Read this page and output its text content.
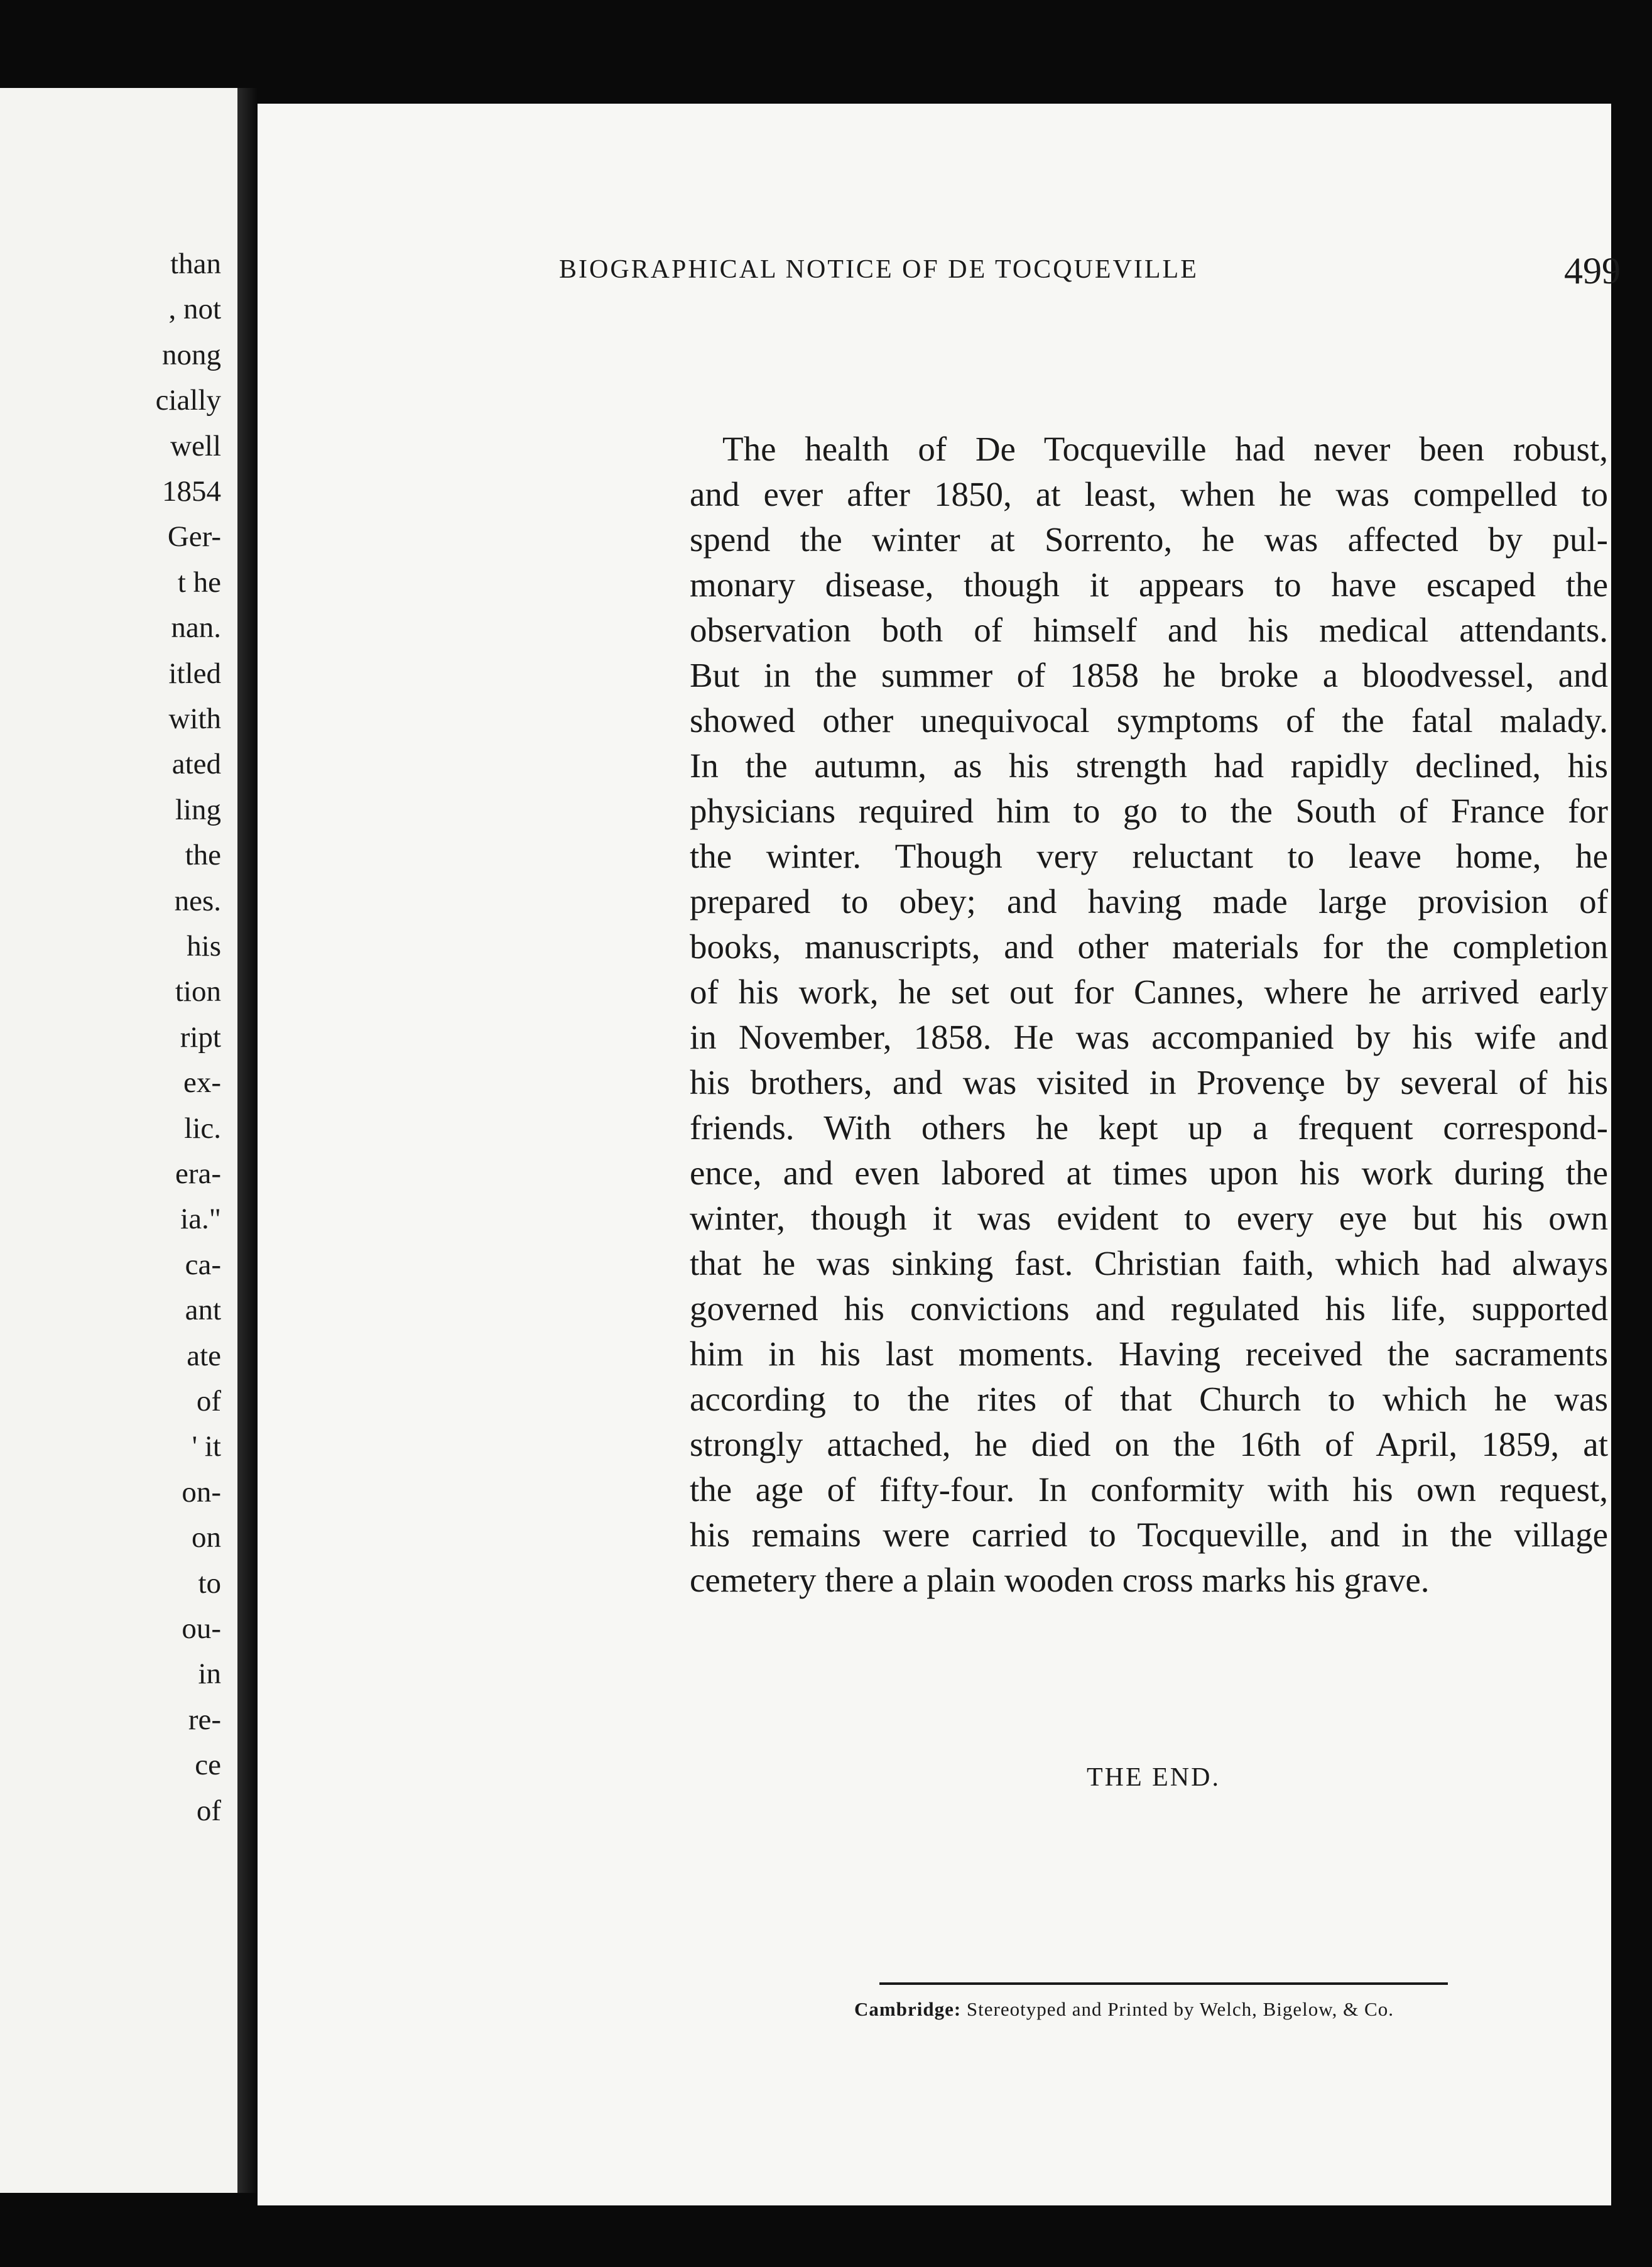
than
, not
nong
cially
well
1854
Ger-
t he
nan.
itled
with
ated
ling
the
nes.
his
tion
ript
ex-
lic.
era-
ia."
ca-
ant
ate
of
' it
on-
on
to
ou-
in
re-
ce
of
BIOGRAPHICAL NOTICE OF DE TOCQUEVILLE	499
The health of De Tocqueville had never been robust,
and ever after 1850, at least, when he was compelled to
spend the winter at Sorrento, he was affected by pul-
monary disease, though it appears to have escaped the
observation both of himself and his medical attendants.
But in the summer of 1858 he broke a bloodvessel, and
showed other unequivocal symptoms of the fatal malady.
In the autumn, as his strength had rapidly declined, his
physicians required him to go to the South of France for
the winter. Though very reluctant to leave home, he
prepared to obey; and having made large provision of
books, manuscripts, and other materials for the completion
of his work, he set out for Cannes, where he arrived early
in November, 1858. He was accompanied by his wife and
his brothers, and was visited in Provençe by several of his
friends. With others he kept up a frequent correspond-
ence, and even labored at times upon his work during the
winter, though it was evident to every eye but his own
that he was sinking fast. Christian faith, which had always
governed his convictions and regulated his life, supported
him in his last moments. Having received the sacraments
according to the rites of that Church to which he was
strongly attached, he died on the 16th of April, 1859, at
the age of fifty-four. In conformity with his own request,
his remains were carried to Tocqueville, and in the village
cemetery there a plain wooden cross marks his grave.
THE END.
Cambridge: Stereotyped and Printed by Welch, Bigelow, & Co.
